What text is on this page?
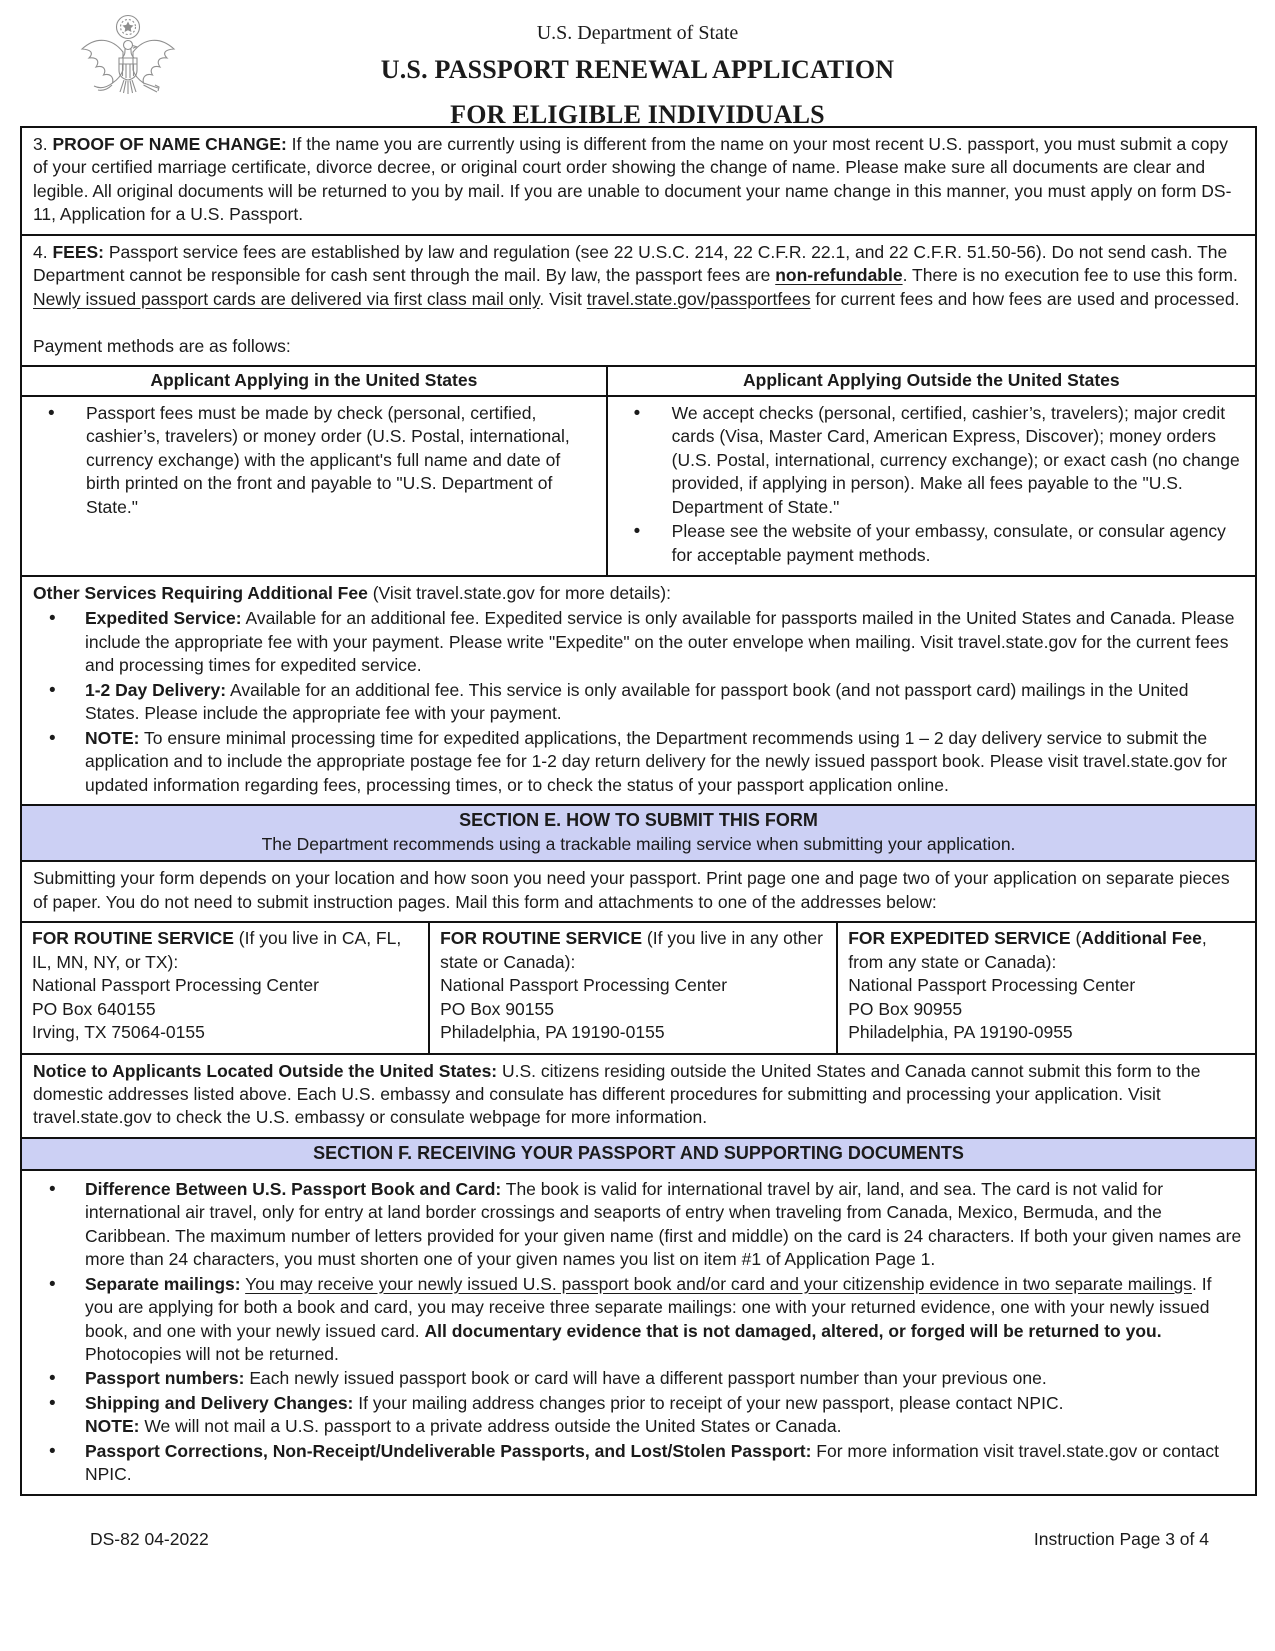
U.S. Department of State
U.S. PASSPORT RENEWAL APPLICATION
FOR ELIGIBLE INDIVIDUALS

3. PROOF OF NAME CHANGE: If the name you are currently using is different from the name on your most recent U.S. passport, you must submit a copy of your certified marriage certificate, divorce decree, or original court order showing the change of name. Please make sure all documents are clear and legible. All original documents will be returned to you by mail. If you are unable to document your name change in this manner, you must apply on form DS-11, Application for a U.S. Passport.

4. FEES: Passport service fees are established by law and regulation (see 22 U.S.C. 214, 22 C.F.R. 22.1, and 22 C.F.R. 51.50-56). Do not send cash. The Department cannot be responsible for cash sent through the mail. By law, the passport fees are non-refundable. There is no execution fee to use this form. Newly issued passport cards are delivered via first class mail only. Visit travel.state.gov/passportfees for current fees and how fees are used and processed.

Payment methods are as follows:

Applicant Applying in the United States
• Passport fees must be made by check (personal, certified, cashier’s, travelers) or money order (U.S. Postal, international, currency exchange) with the applicant's full name and date of birth printed on the front and payable to "U.S. Department of State."
Applicant Applying Outside the United States
• We accept checks (personal, certified, cashier’s, travelers); major credit cards (Visa, Master Card, American Express, Discover); money orders (U.S. Postal, international, currency exchange); or exact cash (no change provided, if applying in person). Make all fees payable to the "U.S. Department of State."
• Please see the website of your embassy, consulate, or consular agency for acceptable payment methods.

Other Services Requiring Additional Fee (Visit travel.state.gov for more details):

• Expedited Service: Available for an additional fee. Expedited service is only available for passports mailed in the United States and Canada. Please include the appropriate fee with your payment. Please write "Expedite" on the outer envelope when mailing. Visit travel.state.gov for the current fees and processing times for expedited service.
• 1-2 Day Delivery: Available for an additional fee. This service is only available for passport book (and not passport card) mailings in the United States. Please include the appropriate fee with your payment.
• NOTE: To ensure minimal processing time for expedited applications, the Department recommends using 1 – 2 day delivery service to submit the application and to include the appropriate postage fee for 1-2 day return delivery for the newly issued passport book. Please visit travel.state.gov for updated information regarding fees, processing times, or to check the status of your passport application online.
SECTION E. HOW TO SUBMIT THIS FORM
The Department recommends using a trackable mailing service when submitting your application.

Submitting your form depends on your location and how soon you need your passport. Print page one and page two of your application on separate pieces of paper. You do not need to submit instruction pages. Mail this form and attachments to one of the addresses below:

FOR ROUTINE SERVICE (If you live in CA, FL, IL, MN, NY, or TX):

National Passport Processing Center

PO Box 640155

Irving, TX 75064-0155

FOR ROUTINE SERVICE (If you live in any other state or Canada):

National Passport Processing Center

PO Box 90155

Philadelphia, PA 19190-0155

FOR EXPEDITED SERVICE (Additional Fee, from any state or Canada):

National Passport Processing Center

PO Box 90955

Philadelphia, PA 19190-0955

Notice to Applicants Located Outside the United States: U.S. citizens residing outside the United States and Canada cannot submit this form to the domestic addresses listed above. Each U.S. embassy and consulate has different procedures for submitting and processing your application. Visit travel.state.gov to check the U.S. embassy or consulate webpage for more information.

SECTION F. RECEIVING YOUR PASSPORT AND SUPPORTING DOCUMENTS
• Difference Between U.S. Passport Book and Card: The book is valid for international travel by air, land, and sea. The card is not valid for international air travel, only for entry at land border crossings and seaports of entry when traveling from Canada, Mexico, Bermuda, and the Caribbean. The maximum number of letters provided for your given name (first and middle) on the card is 24 characters. If both your given names are more than 24 characters, you must shorten one of your given names you list on item #1 of Application Page 1.
• Separate mailings: You may receive your newly issued U.S. passport book and/or card and your citizenship evidence in two separate mailings. If you are applying for both a book and card, you may receive three separate mailings: one with your returned evidence, one with your newly issued book, and one with your newly issued card. All documentary evidence that is not damaged, altered, or forged will be returned to you. Photocopies will not be returned.
• Passport numbers: Each newly issued passport book or card will have a different passport number than your previous one.
• Shipping and Delivery Changes: If your mailing address changes prior to receipt of your new passport, please contact NPIC.
NOTE: We will not mail a U.S. passport to a private address outside the United States or Canada.
• Passport Corrections, Non-Receipt/Undeliverable Passports, and Lost/Stolen Passport: For more information visit travel.state.gov or contact NPIC.
DS-82 04-2022	Instruction Page 3 of 4
